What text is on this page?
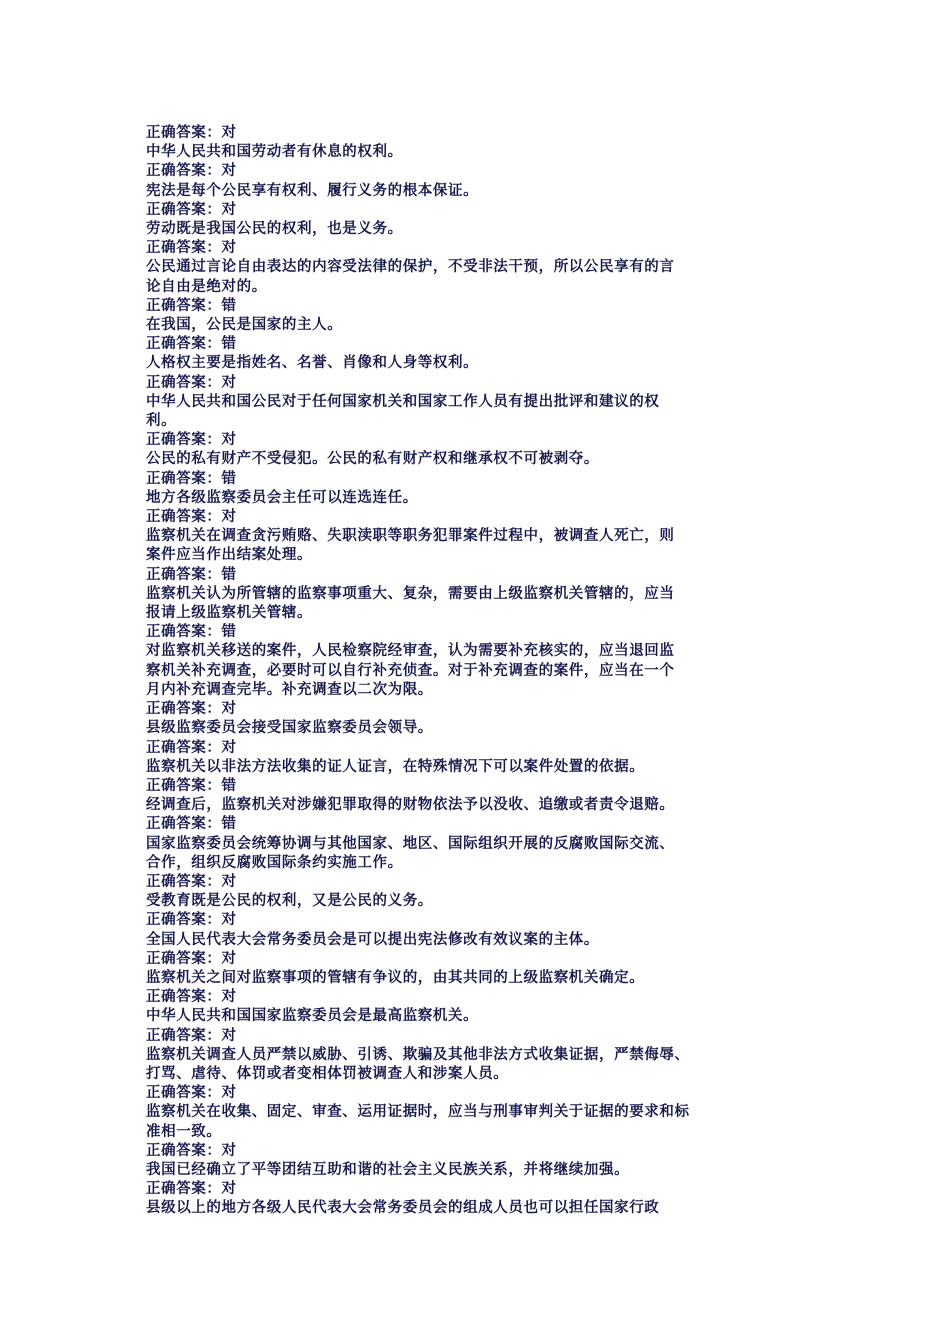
正确答案：对
中华人民共和国劳动者有休息的权利。
正确答案：对
宪法是每个公民享有权利、履行义务的根本保证。
正确答案：对
劳动既是我国公民的权利，也是义务。
正确答案：对
公民通过言论自由表达的内容受法律的保护，不受非法干预，所以公民享有的言
论自由是绝对的。
正确答案：错
在我国，公民是国家的主人。
正确答案：错
人格权主要是指姓名、名誉、肖像和人身等权利。
正确答案：对
中华人民共和国公民对于任何国家机关和国家工作人员有提出批评和建议的权
利。
正确答案：对
公民的私有财产不受侵犯。公民的私有财产权和继承权不可被剥夺。
正确答案：错
地方各级监察委员会主任可以连选连任。
正确答案：对
监察机关在调查贪污贿赂、失职渎职等职务犯罪案件过程中，被调查人死亡，则
案件应当作出结案处理。
正确答案：错
监察机关认为所管辖的监察事项重大、复杂，需要由上级监察机关管辖的，应当
报请上级监察机关管辖。
正确答案：错
对监察机关移送的案件，人民检察院经审查，认为需要补充核实的，应当退回监
察机关补充调查，必要时可以自行补充侦查。对于补充调查的案件，应当在一个
月内补充调查完毕。补充调查以二次为限。
正确答案：对
县级监察委员会接受国家监察委员会领导。
正确答案：对
监察机关以非法方法收集的证人证言，在特殊情况下可以案件处置的依据。
正确答案：错
经调查后，监察机关对涉嫌犯罪取得的财物依法予以没收、追缴或者责令退赔。
正确答案：错
国家监察委员会统筹协调与其他国家、地区、国际组织开展的反腐败国际交流、
合作，组织反腐败国际条约实施工作。
正确答案：对
受教育既是公民的权利，又是公民的义务。
正确答案：对
全国人民代表大会常务委员会是可以提出宪法修改有效议案的主体。
正确答案：对
监察机关之间对监察事项的管辖有争议的，由其共同的上级监察机关确定。
正确答案：对
中华人民共和国国家监察委员会是最高监察机关。
正确答案：对
监察机关调查人员严禁以威胁、引诱、欺骗及其他非法方式收集证据，严禁侮辱、
打骂、虐待、体罚或者变相体罚被调查人和涉案人员。
正确答案：对
监察机关在收集、固定、审查、运用证据时，应当与刑事审判关于证据的要求和标
准相一致。
正确答案：对
我国已经确立了平等团结互助和谐的社会主义民族关系，并将继续加强。
正确答案：对
县级以上的地方各级人民代表大会常务委员会的组成人员也可以担任国家行政
